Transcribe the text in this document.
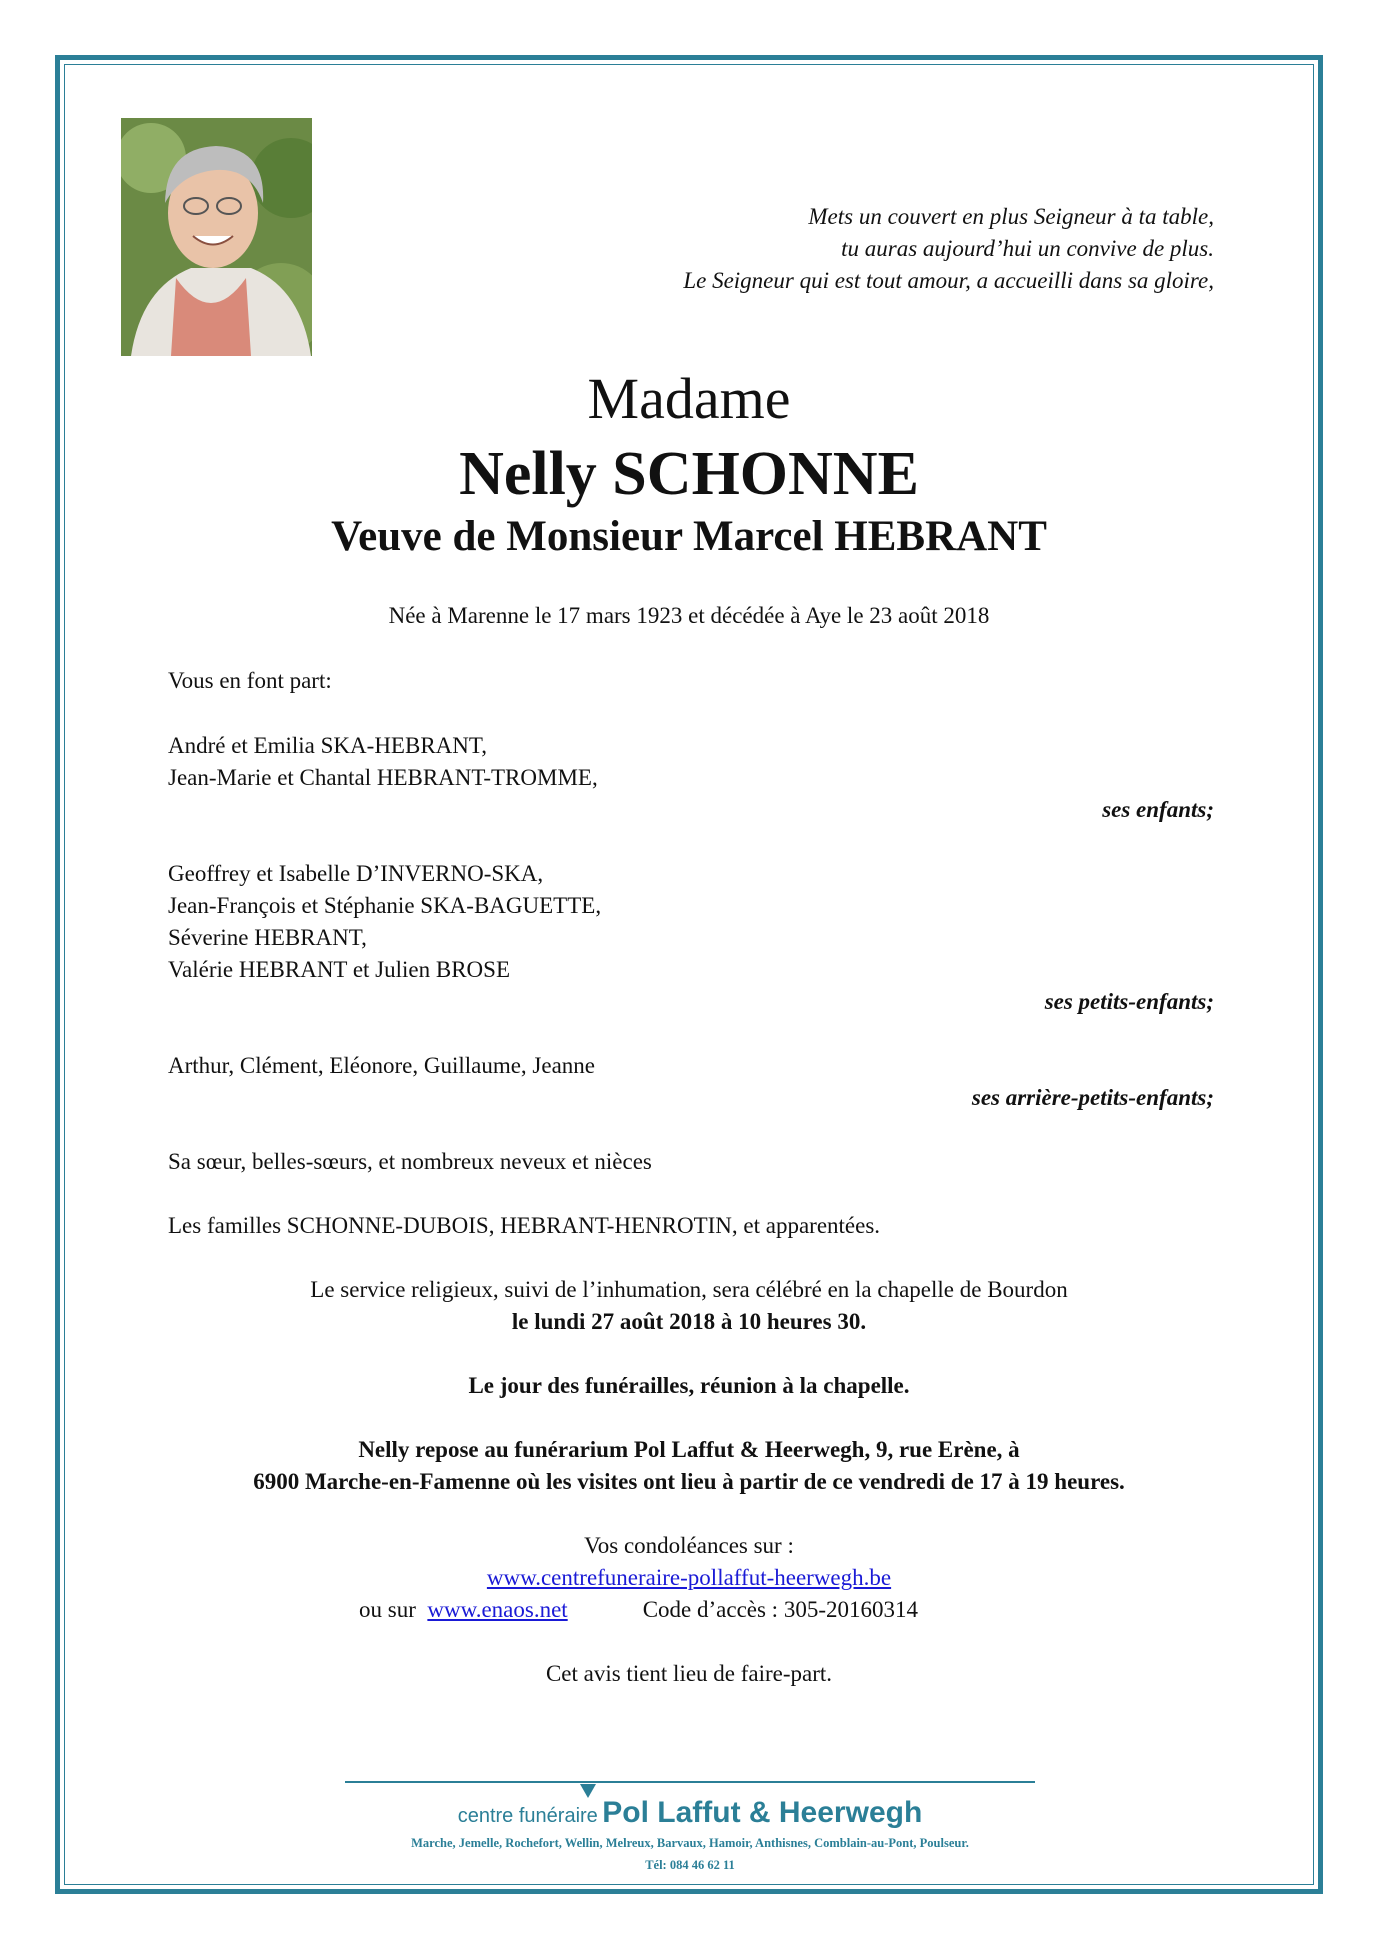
Mets un couvert en plus Seigneur à ta table,
tu auras aujourd’hui un convive de plus.
Le Seigneur qui est tout amour, a accueilli dans sa gloire,
Madame
Nelly SCHONNE
Veuve de Monsieur Marcel HEBRANT
Née à Marenne le 17 mars 1923 et décédée à Aye le 23 août 2018
Vous en font part:
André et Emilia SKA-HEBRANT,
Jean-Marie et Chantal HEBRANT-TROMME,
ses enfants;
Geoffrey et Isabelle D’INVERNO-SKA,
Jean-François et Stéphanie SKA-BAGUETTE,
Séverine HEBRANT,
Valérie HEBRANT et Julien BROSE
ses petits-enfants;
Arthur, Clément, Eléonore, Guillaume, Jeanne
ses arrière-petits-enfants;
Sa sœur, belles-sœurs, et nombreux neveux et nièces
Les familles SCHONNE-DUBOIS, HEBRANT-HENROTIN, et apparentées.
Le service religieux, suivi de l’inhumation, sera célébré en la chapelle de Bourdon
le lundi 27 août 2018 à 10 heures 30.
Le jour des funérailles, réunion à la chapelle.
Nelly repose au funérarium Pol Laffut & Heerwegh, 9, rue Erène, à
6900 Marche-en-Famenne où les visites ont lieu à partir de ce vendredi de 17 à 19 heures.
Vos condoléances sur :
www.centrefuneraire-pollaffut-heerwegh.be
ou sur www.enaos.net	Code d’accès : 305-20160314
Cet avis tient lieu de faire-part.
centre funéraire Pol Laffut & Heerwegh
Marche, Jemelle, Rochefort, Wellin, Melreux, Barvaux, Hamoir, Anthisnes, Comblain-au-Pont, Poulseur.
Tél: 084 46 62 11
